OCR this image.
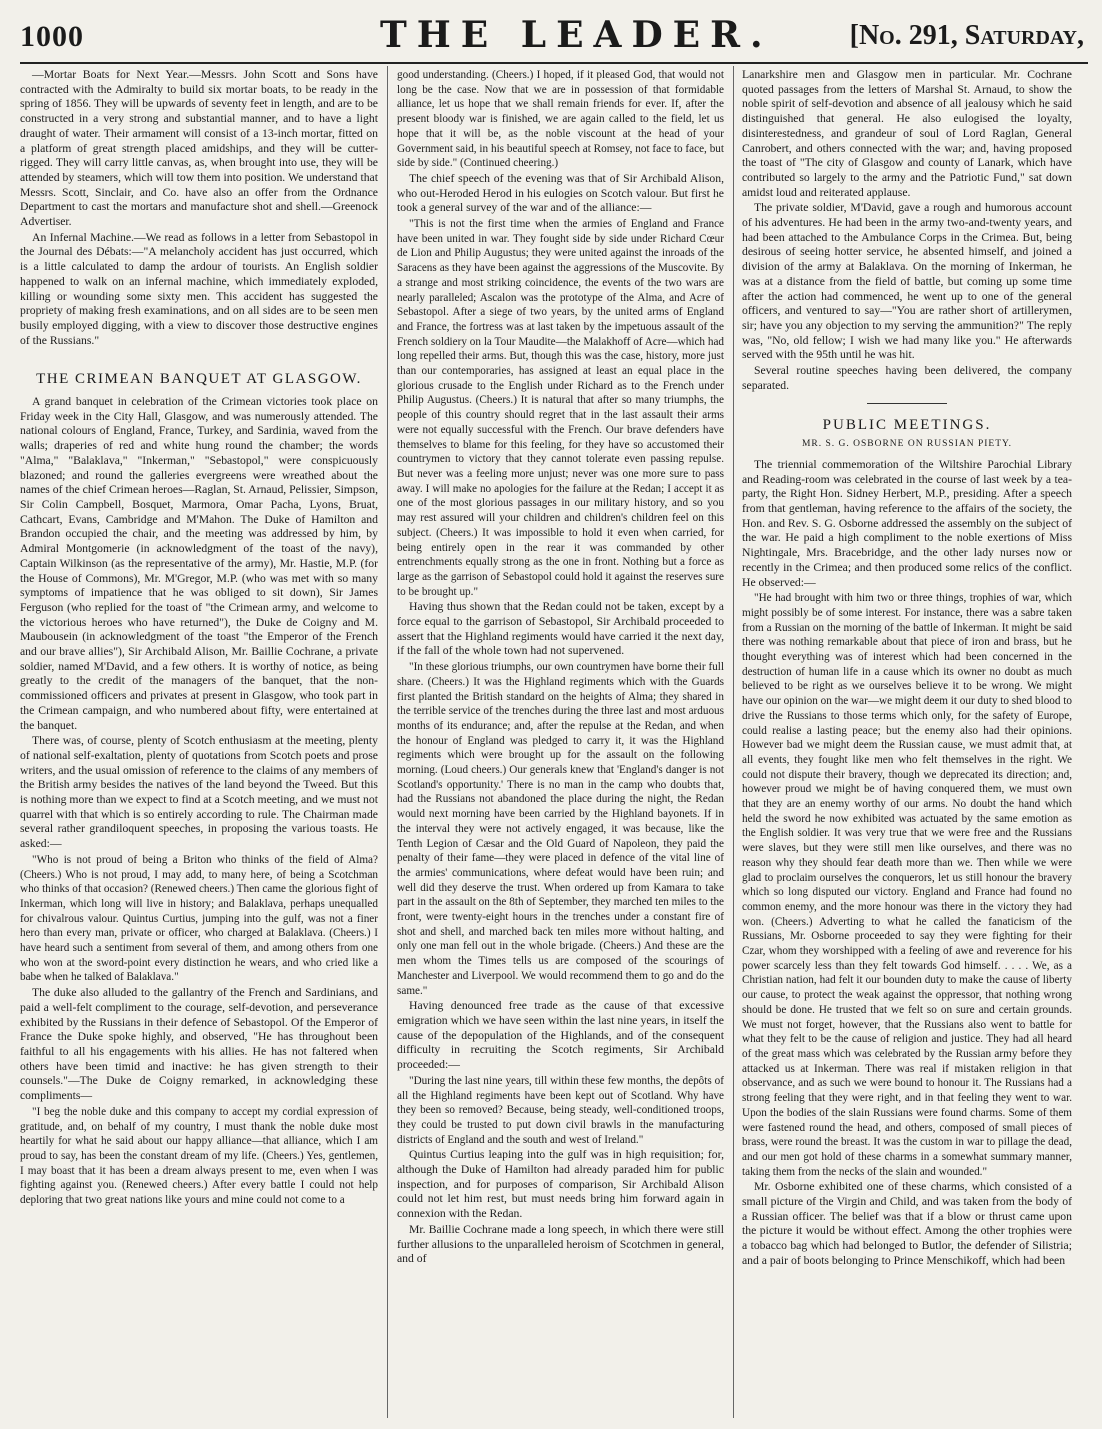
1000	THE LEADER.	[No. 291, Saturday,

—Mortar Boats for Next Year.—Messrs. John Scott and Sons have contracted with the Admiralty to build six mortar boats, to be ready in the spring of 1856. They will be upwards of seventy feet in length, and are to be constructed in a very strong and substantial manner, and to have a light draught of water. Their armament will consist of a 13-inch mortar, fitted on a platform of great strength placed amidships, and they will be cutter-rigged. They will carry little canvas, as, when brought into use, they will be attended by steamers, which will tow them into position. We understand that Messrs. Scott, Sinclair, and Co. have also an offer from the Ordnance Department to cast the mortars and manufacture shot and shell.—Greenock Advertiser.

An Infernal Machine.—We read as follows in a letter from Sebastopol in the Journal des Débats:—"A melancholy accident has just occurred, which is a little calculated to damp the ardour of tourists. An English soldier happened to walk on an infernal machine, which immediately exploded, killing or wounding some sixty men. This accident has suggested the propriety of making fresh examinations, and on all sides are to be seen men busily employed digging, with a view to discover those destructive engines of the Russians."

THE CRIMEAN BANQUET AT GLASGOW.

A grand banquet in celebration of the Crimean victories took place on Friday week in the City Hall, Glasgow, and was numerously attended. The national colours of England, France, Turkey, and Sardinia, waved from the walls; draperies of red and white hung round the chamber; the words "Alma," "Balaklava," "Inkerman," "Sebastopol," were conspicuously blazoned; and round the galleries evergreens were wreathed about the names of the chief Crimean heroes—Raglan, St. Arnaud, Pelissier, Simpson, Sir Colin Campbell, Bosquet, Marmora, Omar Pacha, Lyons, Bruat, Cathcart, Evans, Cambridge and M'Mahon. The Duke of Hamilton and Brandon occupied the chair, and the meeting was addressed by him, by Admiral Montgomerie (in acknowledgment of the toast of the navy), Captain Wilkinson (as the representative of the army), Mr. Hastie, M.P. (for the House of Commons), Mr. M'Gregor, M.P. (who was met with so many symptoms of impatience that he was obliged to sit down), Sir James Ferguson (who replied for the toast of "the Crimean army, and welcome to the victorious heroes who have returned"), the Duke de Coigny and M. Maubousein (in acknowledgment of the toast "the Emperor of the French and our brave allies"), Sir Archibald Alison, Mr. Baillie Cochrane, a private soldier, named M'David, and a few others. It is worthy of notice, as being greatly to the credit of the managers of the banquet, that the non-commissioned officers and privates at present in Glasgow, who took part in the Crimean campaign, and who numbered about fifty, were entertained at the banquet.

There was, of course, plenty of Scotch enthusiasm at the meeting, plenty of national self-exaltation, plenty of quotations from Scotch poets and prose writers, and the usual omission of reference to the claims of any members of the British army besides the natives of the land beyond the Tweed. But this is nothing more than we expect to find at a Scotch meeting, and we must not quarrel with that which is so entirely according to rule. The Chairman made several rather grandiloquent speeches, in proposing the various toasts. He asked:—

"Who is not proud of being a Briton who thinks of the field of Alma? (Cheers.) Who is not proud, I may add, to many here, of being a Scotchman who thinks of that occasion? (Renewed cheers.) Then came the glorious fight of Inkerman, which long will live in history; and Balaklava, perhaps unequalled for chivalrous valour. Quintus Curtius, jumping into the gulf, was not a finer hero than every man, private or officer, who charged at Balaklava. (Cheers.) I have heard such a sentiment from several of them, and among others from one who won at the sword-point every distinction he wears, and who cried like a babe when he talked of Balaklava."

The duke also alluded to the gallantry of the French and Sardinians, and paid a well-felt compliment to the courage, self-devotion, and perseverance exhibited by the Russians in their defence of Sebastopol. Of the Emperor of France the Duke spoke highly, and observed, "He has throughout been faithful to all his engagements with his allies. He has not faltered when others have been timid and inactive: he has given strength to their counsels."—The Duke de Coigny remarked, in acknowledging these compliments—

"I beg the noble duke and this company to accept my cordial expression of gratitude, and, on behalf of my country, I must thank the noble duke most heartily for what he said about our happy alliance—that alliance, which I am proud to say, has been the constant dream of my life. (Cheers.) Yes, gentlemen, I may boast that it has been a dream always present to me, even when I was fighting against you. (Renewed cheers.) After every battle I could not help deploring that two great nations like yours and mine could not come to a

good understanding. (Cheers.) I hoped, if it pleased God, that would not long be the case. Now that we are in possession of that formidable alliance, let us hope that we shall remain friends for ever. If, after the present bloody war is finished, we are again called to the field, let us hope that it will be, as the noble viscount at the head of your Government said, in his beautiful speech at Romsey, not face to face, but side by side." (Continued cheering.)

The chief speech of the evening was that of Sir Archibald Alison, who out-Heroded Herod in his eulogies on Scotch valour. But first he took a general survey of the war and of the alliance:—

"This is not the first time when the armies of England and France have been united in war. They fought side by side under Richard Cœur de Lion and Philip Augustus; they were united against the inroads of the Saracens as they have been against the aggressions of the Muscovite. By a strange and most striking coincidence, the events of the two wars are nearly paralleled; Ascalon was the prototype of the Alma, and Acre of Sebastopol. After a siege of two years, by the united arms of England and France, the fortress was at last taken by the impetuous assault of the French soldiery on la Tour Maudite—the Malakhoff of Acre—which had long repelled their arms. But, though this was the case, history, more just than our contemporaries, has assigned at least an equal place in the glorious crusade to the English under Richard as to the French under Philip Augustus. (Cheers.) It is natural that after so many triumphs, the people of this country should regret that in the last assault their arms were not equally successful with the French. Our brave defenders have themselves to blame for this feeling, for they have so accustomed their countrymen to victory that they cannot tolerate even passing repulse. But never was a feeling more unjust; never was one more sure to pass away. I will make no apologies for the failure at the Redan; I accept it as one of the most glorious passages in our military history, and so you may rest assured will your children and children's children feel on this subject. (Cheers.) It was impossible to hold it even when carried, for being entirely open in the rear it was commanded by other entrenchments equally strong as the one in front. Nothing but a force as large as the garrison of Sebastopol could hold it against the reserves sure to be brought up."

Having thus shown that the Redan could not be taken, except by a force equal to the garrison of Sebastopol, Sir Archibald proceeded to assert that the Highland regiments would have carried it the next day, if the fall of the whole town had not supervened.

"In these glorious triumphs, our own countrymen have borne their full share. (Cheers.) It was the Highland regiments which with the Guards first planted the British standard on the heights of Alma; they shared in the terrible service of the trenches during the three last and most arduous months of its endurance; and, after the repulse at the Redan, and when the honour of England was pledged to carry it, it was the Highland regiments which were brought up for the assault on the following morning. (Loud cheers.) Our generals knew that 'England's danger is not Scotland's opportunity.' There is no man in the camp who doubts that, had the Russians not abandoned the place during the night, the Redan would next morning have been carried by the Highland bayonets. If in the interval they were not actively engaged, it was because, like the Tenth Legion of Cæsar and the Old Guard of Napoleon, they paid the penalty of their fame—they were placed in defence of the vital line of the armies' communications, where defeat would have been ruin; and well did they deserve the trust. When ordered up from Kamara to take part in the assault on the 8th of September, they marched ten miles to the front, were twenty-eight hours in the trenches under a constant fire of shot and shell, and marched back ten miles more without halting, and only one man fell out in the whole brigade. (Cheers.) And these are the men whom the Times tells us are composed of the scourings of Manchester and Liverpool. We would recommend them to go and do the same."

Having denounced free trade as the cause of that excessive emigration which we have seen within the last nine years, in itself the cause of the depopulation of the Highlands, and of the consequent difficulty in recruiting the Scotch regiments, Sir Archibald proceeded:—

"During the last nine years, till within these few months, the depôts of all the Highland regiments have been kept out of Scotland. Why have they been so removed? Because, being steady, well-conditioned troops, they could be trusted to put down civil brawls in the manufacturing districts of England and the south and west of Ireland."

Quintus Curtius leaping into the gulf was in high requisition; for, although the Duke of Hamilton had already paraded him for public inspection, and for purposes of comparison, Sir Archibald Alison could not let him rest, but must needs bring him forward again in connexion with the Redan.

Mr. Baillie Cochrane made a long speech, in which there were still further allusions to the unparalleled heroism of Scotchmen in general, and of

Lanarkshire men and Glasgow men in particular. Mr. Cochrane quoted passages from the letters of Marshal St. Arnaud, to show the noble spirit of self-devotion and absence of all jealousy which he said distinguished that general. He also eulogised the loyalty, disinterestedness, and grandeur of soul of Lord Raglan, General Canrobert, and others connected with the war; and, having proposed the toast of "The city of Glasgow and county of Lanark, which have contributed so largely to the army and the Patriotic Fund," sat down amidst loud and reiterated applause.

The private soldier, M'David, gave a rough and humorous account of his adventures. He had been in the army two-and-twenty years, and had been attached to the Ambulance Corps in the Crimea. But, being desirous of seeing hotter service, he absented himself, and joined a division of the army at Balaklava. On the morning of Inkerman, he was at a distance from the field of battle, but coming up some time after the action had commenced, he went up to one of the general officers, and ventured to say—"You are rather short of artillerymen, sir; have you any objection to my serving the ammunition?" The reply was, "No, old fellow; I wish we had many like you." He afterwards served with the 95th until he was hit.

Several routine speeches having been delivered, the company separated.

PUBLIC MEETINGS.
MR. S. G. OSBORNE ON RUSSIAN PIETY.

The triennial commemoration of the Wiltshire Parochial Library and Reading-room was celebrated in the course of last week by a tea-party, the Right Hon. Sidney Herbert, M.P., presiding. After a speech from that gentleman, having reference to the affairs of the society, the Hon. and Rev. S. G. Osborne addressed the assembly on the subject of the war. He paid a high compliment to the noble exertions of Miss Nightingale, Mrs. Bracebridge, and the other lady nurses now or recently in the Crimea; and then produced some relics of the conflict. He observed:—

"He had brought with him two or three things, trophies of war, which might possibly be of some interest. For instance, there was a sabre taken from a Russian on the morning of the battle of Inkerman. It might be said there was nothing remarkable about that piece of iron and brass, but he thought everything was of interest which had been concerned in the destruction of human life in a cause which its owner no doubt as much believed to be right as we ourselves believe it to be wrong. We might have our opinion on the war—we might deem it our duty to shed blood to drive the Russians to those terms which only, for the safety of Europe, could realise a lasting peace; but the enemy also had their opinions. However bad we might deem the Russian cause, we must admit that, at all events, they fought like men who felt themselves in the right. We could not dispute their bravery, though we deprecated its direction; and, however proud we might be of having conquered them, we must own that they are an enemy worthy of our arms. No doubt the hand which held the sword he now exhibited was actuated by the same emotion as the English soldier. It was very true that we were free and the Russians were slaves, but they were still men like ourselves, and there was no reason why they should fear death more than we. Then while we were glad to proclaim ourselves the conquerors, let us still honour the bravery which so long disputed our victory. England and France had found no common enemy, and the more honour was there in the victory they had won. (Cheers.) Adverting to what he called the fanaticism of the Russians, Mr. Osborne proceeded to say they were fighting for their Czar, whom they worshipped with a feeling of awe and reverence for his power scarcely less than they felt towards God himself. . . . . We, as a Christian nation, had felt it our bounden duty to make the cause of liberty our cause, to protect the weak against the oppressor, that nothing wrong should be done. He trusted that we felt so on sure and certain grounds. We must not forget, however, that the Russians also went to battle for what they felt to be the cause of religion and justice. They had all heard of the great mass which was celebrated by the Russian army before they attacked us at Inkerman. There was real if mistaken religion in that observance, and as such we were bound to honour it. The Russians had a strong feeling that they were right, and in that feeling they went to war. Upon the bodies of the slain Russians were found charms. Some of them were fastened round the head, and others, composed of small pieces of brass, were round the breast. It was the custom in war to pillage the dead, and our men got hold of these charms in a somewhat summary manner, taking them from the necks of the slain and wounded."

Mr. Osborne exhibited one of these charms, which consisted of a small picture of the Virgin and Child, and was taken from the body of a Russian officer. The belief was that if a blow or thrust came upon the picture it would be without effect. Among the other trophies were a tobacco bag which had belonged to Butlor, the defender of Silistria; and a pair of boots belonging to Prince Menschikoff, which had been
